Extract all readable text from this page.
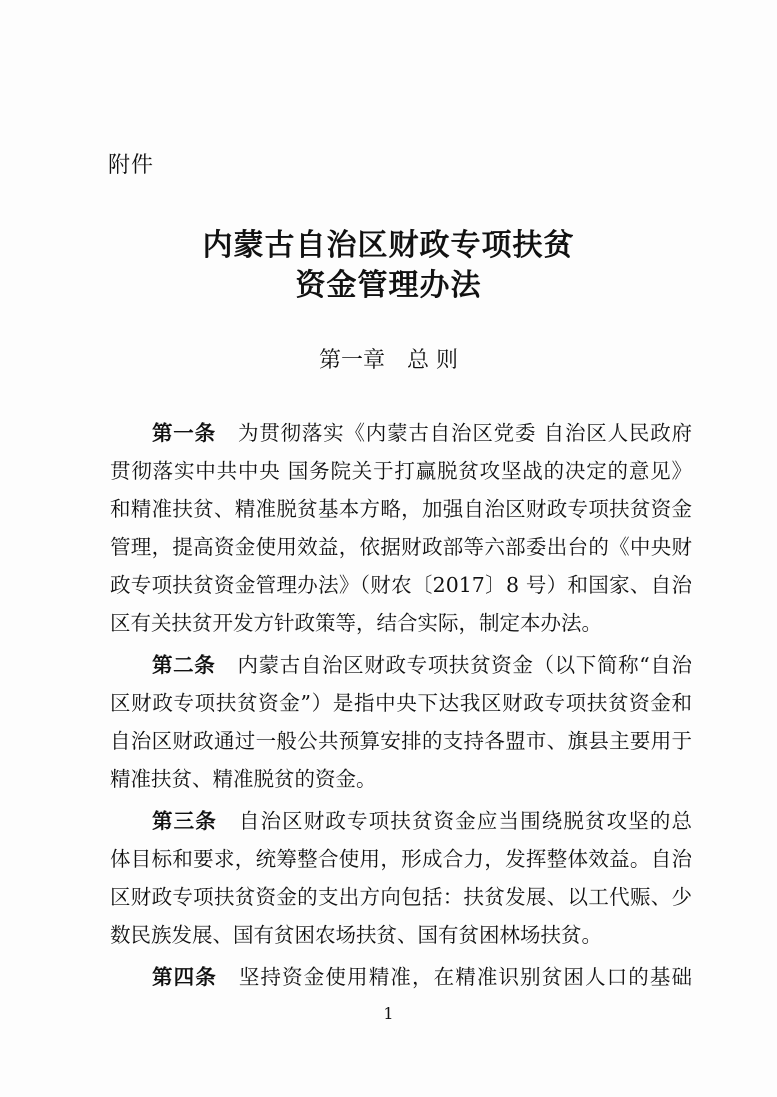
附件
内蒙古自治区财政专项扶贫
资金管理办法
第一章　总 则
第一条 为贯彻落实《内蒙古自治区党委 自治区人民政府
贯彻落实中共中央 国务院关于打赢脱贫攻坚战的决定的意见》
和精准扶贫、精准脱贫基本方略，加强自治区财政专项扶贫资金
管理，提高资金使用效益，依据财政部等六部委出台的《中央财
政专项扶贫资金管理办法》（财农〔2017〕8 号）和国家、自治
区有关扶贫开发方针政策等，结合实际，制定本办法。
第二条 内蒙古自治区财政专项扶贫资金（以下简称“自治
区财政专项扶贫资金”）是指中央下达我区财政专项扶贫资金和
自治区财政通过一般公共预算安排的支持各盟市、旗县主要用于
精准扶贫、精准脱贫的资金。
第三条 自治区财政专项扶贫资金应当围绕脱贫攻坚的总
体目标和要求，统筹整合使用，形成合力，发挥整体效益。自治
区财政专项扶贫资金的支出方向包括：扶贫发展、以工代赈、少
数民族发展、国有贫困农场扶贫、国有贫困林场扶贫。
第四条 坚持资金使用精准，在精准识别贫困人口的基础
1
